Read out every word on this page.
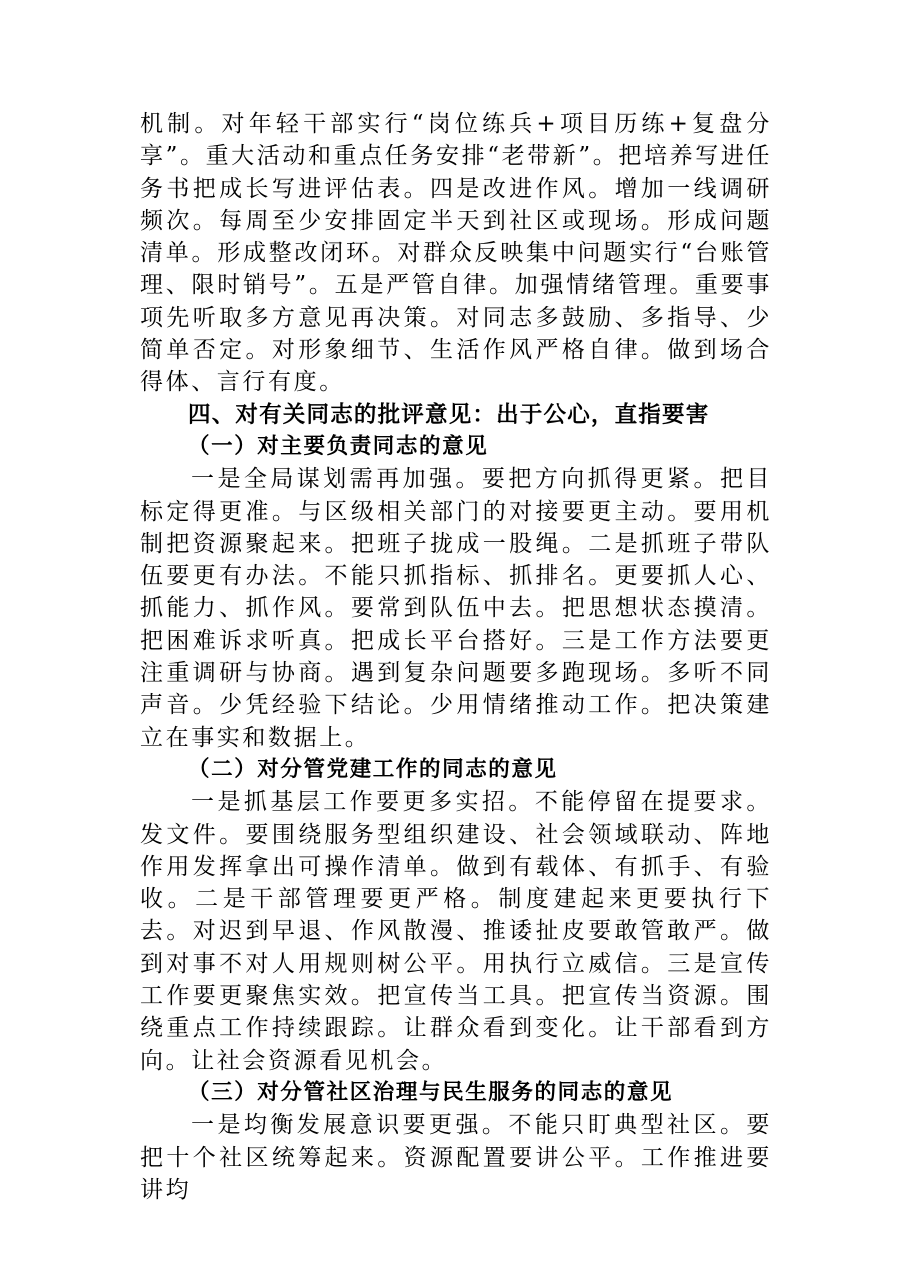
机制。对年轻干部实行“岗位练兵+项目历练+复盘分享”。重大活动和重点任务安排“老带新”。把培养写进任务书把成长写进评估表。四是改进作风。增加一线调研频次。每周至少安排固定半天到社区或现场。形成问题清单。形成整改闭环。对群众反映集中问题实行“台账管理、限时销号”。五是严管自律。加强情绪管理。重要事项先听取多方意见再决策。对同志多鼓励、多指导、少简单否定。对形象细节、生活作风严格自律。做到场合得体、言行有度。

四、对有关同志的批评意见：出于公心，直指要害

（一）对主要负责同志的意见

一是全局谋划需再加强。要把方向抓得更紧。把目标定得更准。与区级相关部门的对接要更主动。要用机制把资源聚起来。把班子拢成一股绳。二是抓班子带队伍要更有办法。不能只抓指标、抓排名。更要抓人心、抓能力、抓作风。要常到队伍中去。把思想状态摸清。把困难诉求听真。把成长平台搭好。三是工作方法要更注重调研与协商。遇到复杂问题要多跑现场。多听不同声音。少凭经验下结论。少用情绪推动工作。把决策建立在事实和数据上。

（二）对分管党建工作的同志的意见

一是抓基层工作要更多实招。不能停留在提要求。发文件。要围绕服务型组织建设、社会领域联动、阵地作用发挥拿出可操作清单。做到有载体、有抓手、有验收。二是干部管理要更严格。制度建起来更要执行下去。对迟到早退、作风散漫、推诿扯皮要敢管敢严。做到对事不对人用规则树公平。用执行立威信。三是宣传工作要更聚焦实效。把宣传当工具。把宣传当资源。围绕重点工作持续跟踪。让群众看到变化。让干部看到方向。让社会资源看见机会。

（三）对分管社区治理与民生服务的同志的意见

一是均衡发展意识要更强。不能只盯典型社区。要把十个社区统筹起来。资源配置要讲公平。工作推进要讲均
